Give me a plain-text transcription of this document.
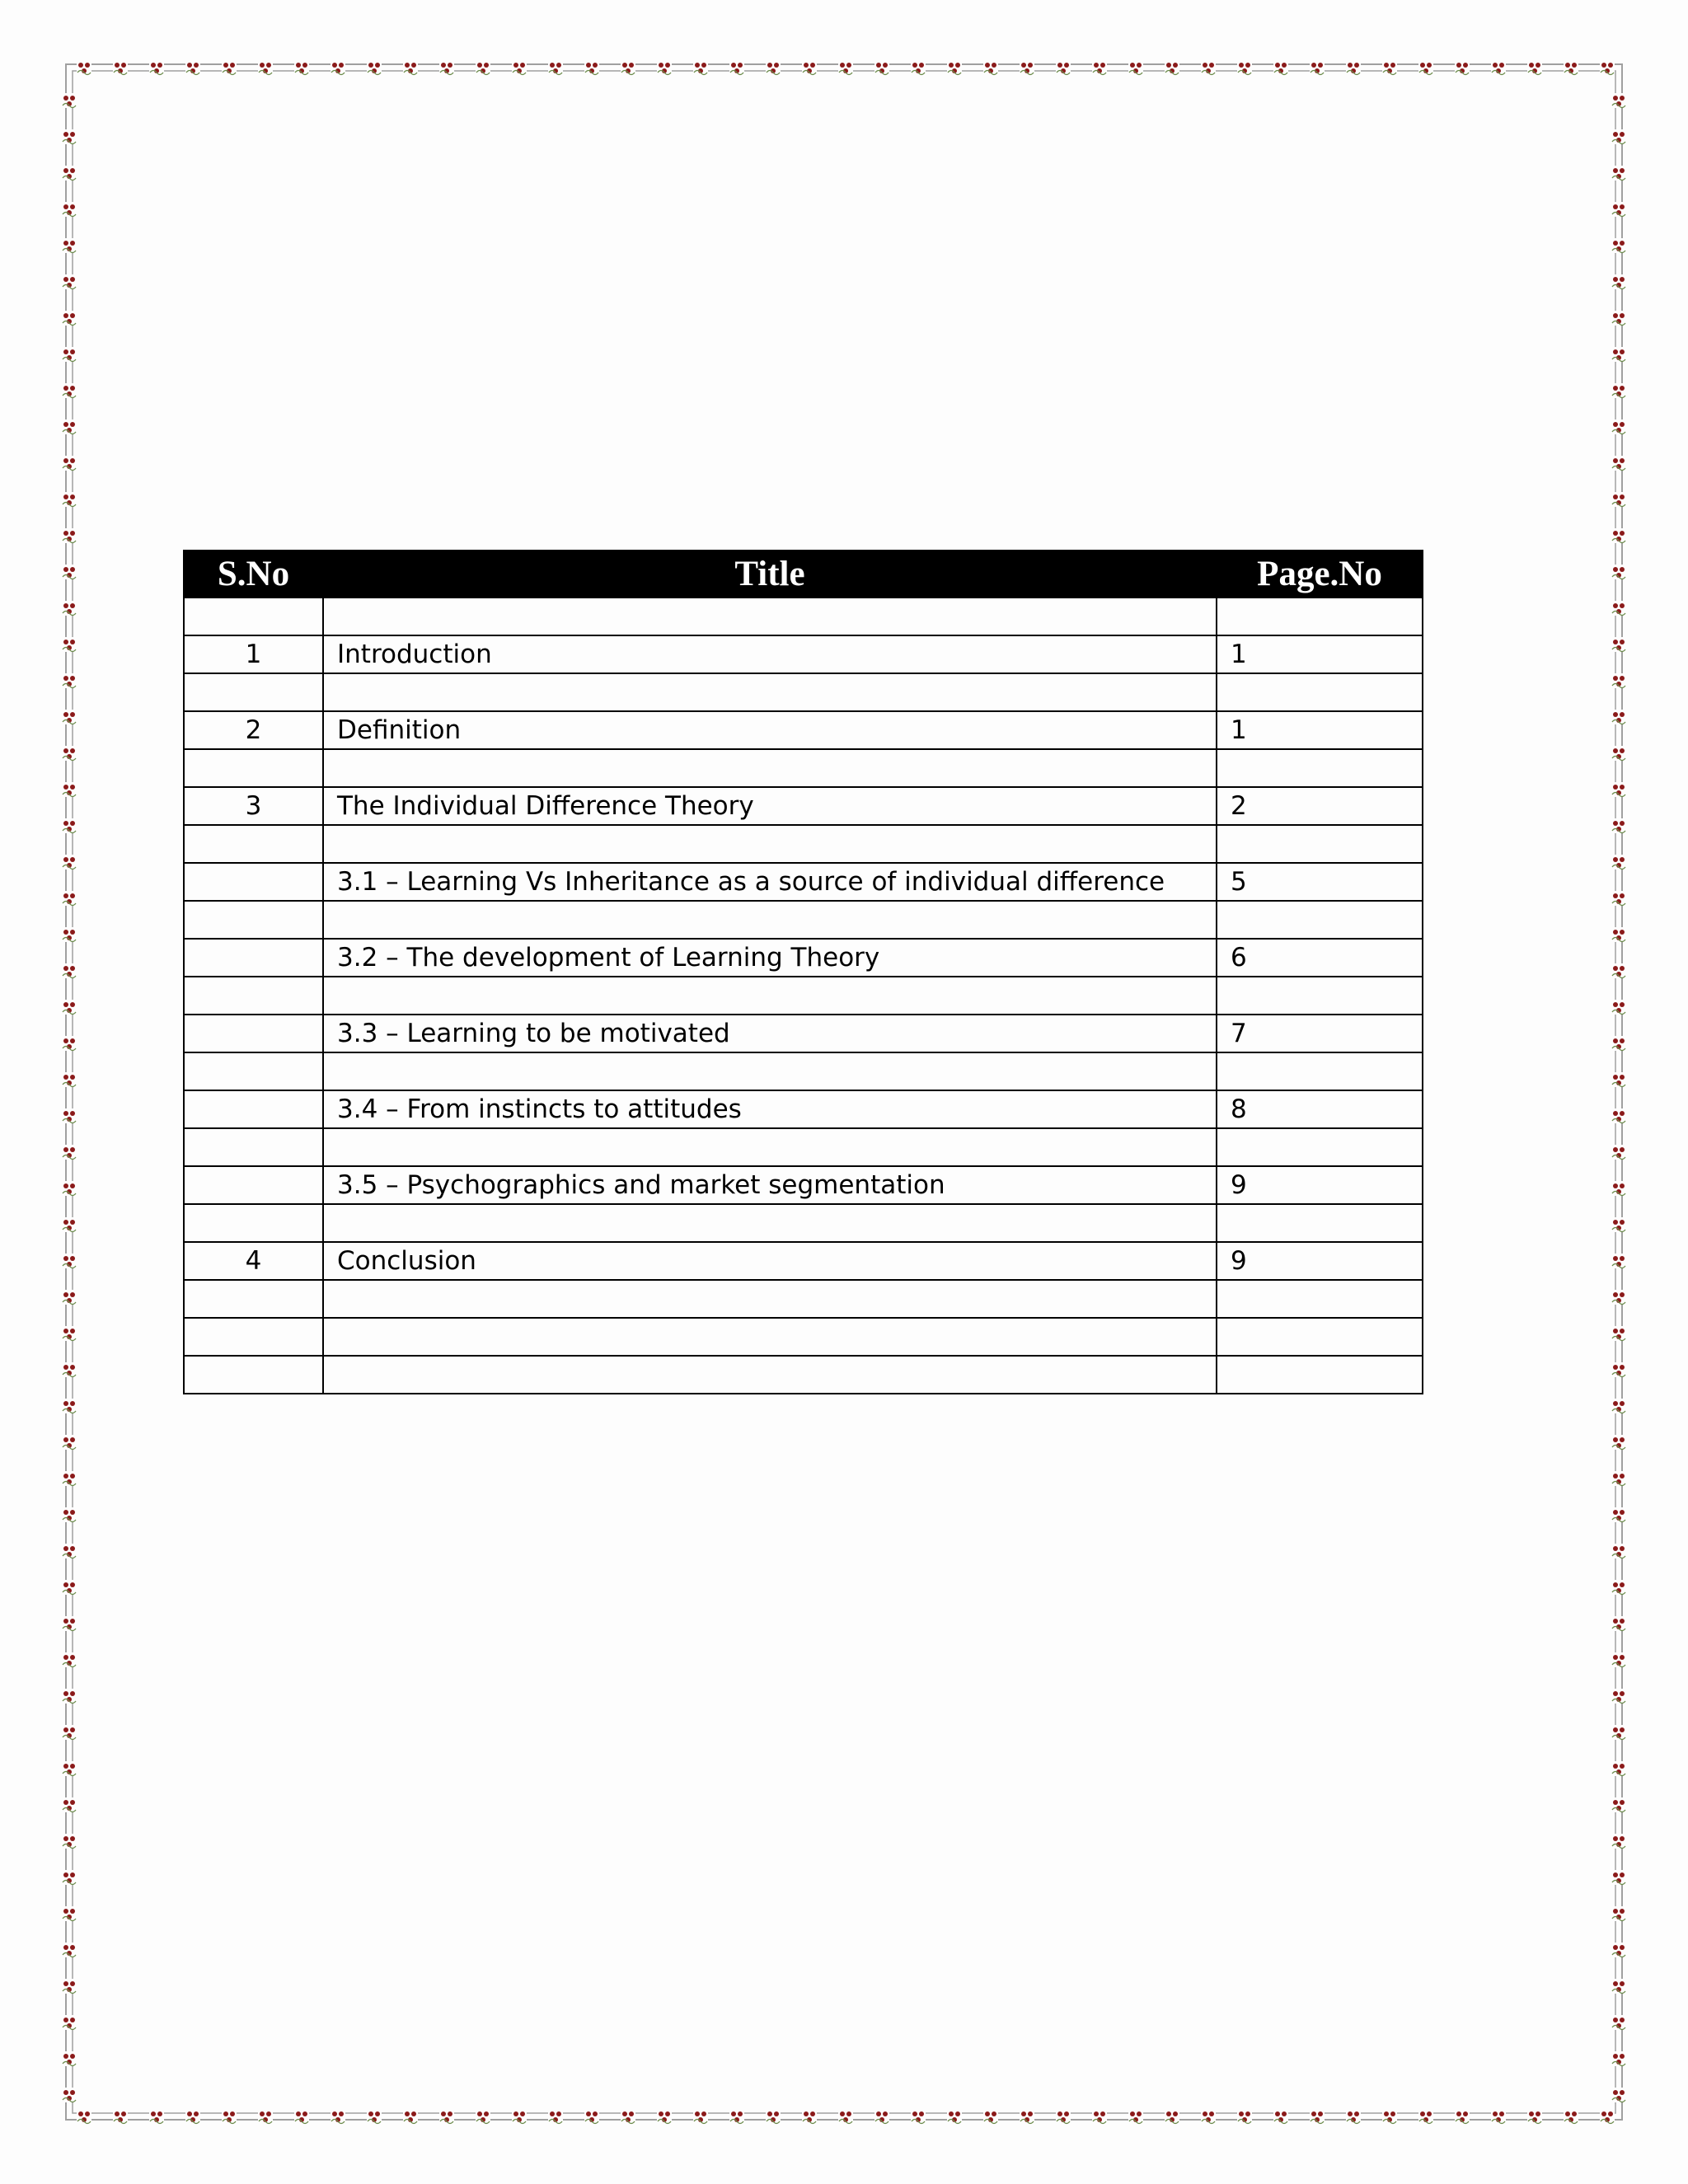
S.No	Title	Page.No

1	Introduction	1

2	Definition	1

3	The Individual Difference Theory	2

	3.1 – Learning Vs Inheritance as a source of individual difference	5

	3.2 – The development of Learning Theory	6

	3.3 – Learning to be motivated	7

	3.4 – From instincts to attitudes	8

	3.5 – Psychographics and market segmentation	9

4	Conclusion	9
